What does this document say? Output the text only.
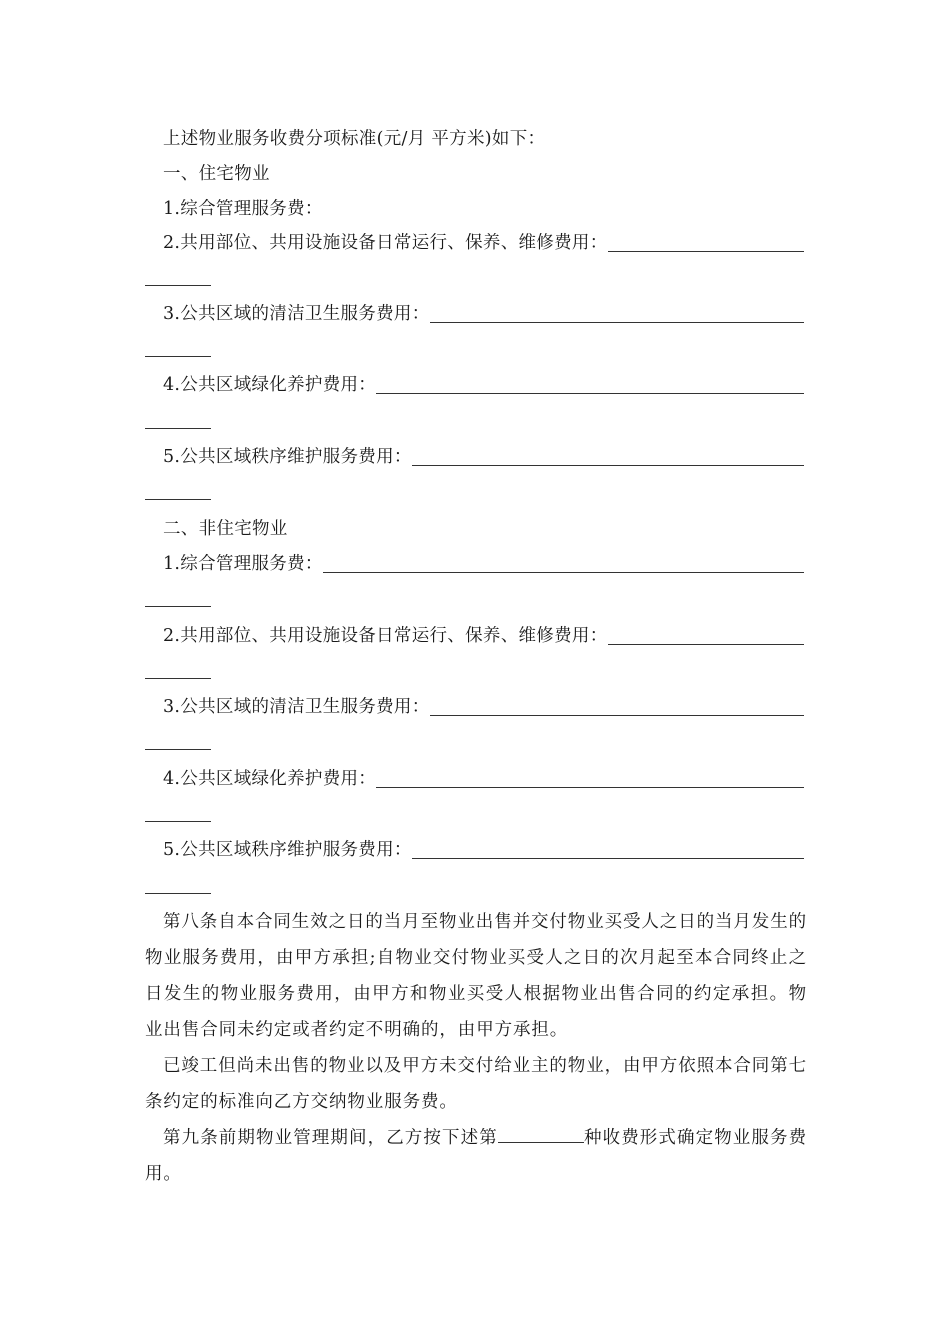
上述物业服务收费分项标准(元/月 平方米)如下：
一、住宅物业
1.综合管理服务费：
2.共用部位、共用设施设备日常运行、保养、维修费用：
3.公共区域的清洁卫生服务费用：
4.公共区域绿化养护费用：
5.公共区域秩序维护服务费用：
二、非住宅物业
1.综合管理服务费：
2.共用部位、共用设施设备日常运行、保养、维修费用：
3.公共区域的清洁卫生服务费用：
4.公共区域绿化养护费用：
5.公共区域秩序维护服务费用：
第八条自本合同生效之日的当月至物业出售并交付物业买受人之日的当月发生的物业服务费用，由甲方承担;自物业交付物业买受人之日的次月起至本合同终止之日发生的物业服务费用，由甲方和物业买受人根据物业出售合同的约定承担。物业出售合同未约定或者约定不明确的，由甲方承担。
已竣工但尚未出售的物业以及甲方未交付给业主的物业，由甲方依照本合同第七条约定的标准向乙方交纳物业服务费。
第九条前期物业管理期间，乙方按下述第	种收费形式确定物业服务费用。
